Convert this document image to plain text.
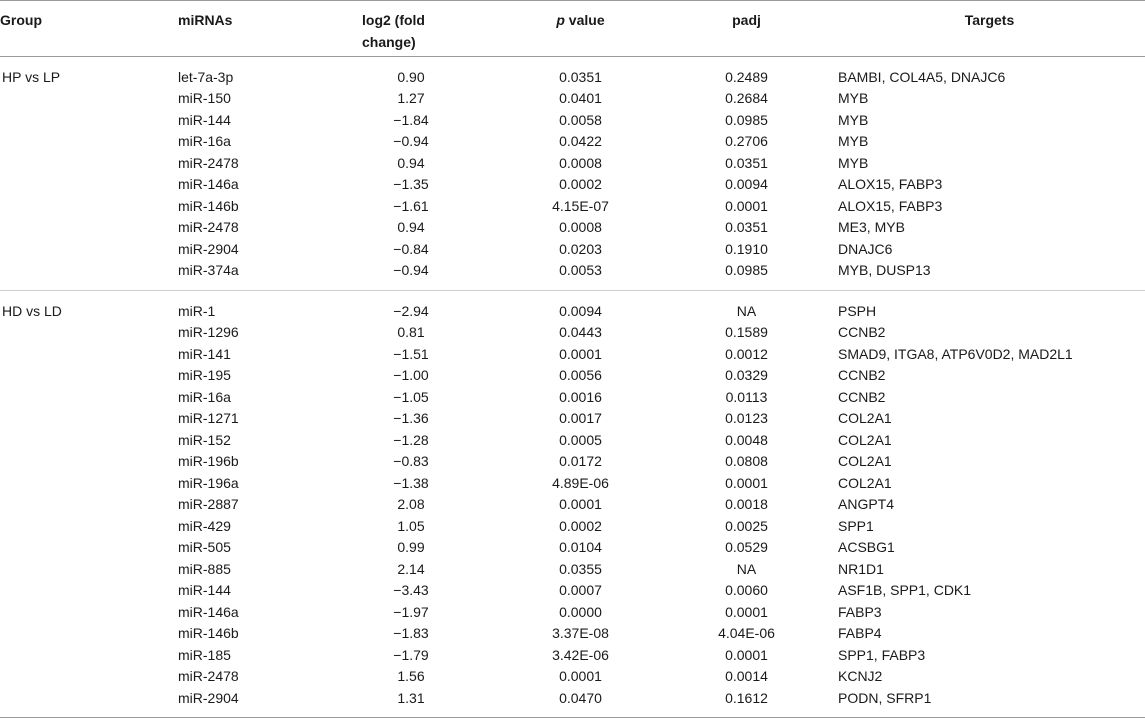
Group	miRNAs	log2 (fold change)	p value	padj	Targets
HP vs LP	let-7a-3p	0.90	0.0351	0.2489	BAMBI, COL4A5, DNAJC6
	miR-150	1.27	0.0401	0.2684	MYB
	miR-144	−1.84	0.0058	0.0985	MYB
	miR-16a	−0.94	0.0422	0.2706	MYB
	miR-2478	0.94	0.0008	0.0351	MYB
	miR-146a	−1.35	0.0002	0.0094	ALOX15, FABP3
	miR-146b	−1.61	4.15E-07	0.0001	ALOX15, FABP3
	miR-2478	0.94	0.0008	0.0351	ME3, MYB
	miR-2904	−0.84	0.0203	0.1910	DNAJC6
	miR-374a	−0.94	0.0053	0.0985	MYB, DUSP13

HD vs LD	miR-1	−2.94	0.0094	NA	PSPH
	miR-1296	0.81	0.0443	0.1589	CCNB2
	miR-141	−1.51	0.0001	0.0012	SMAD9, ITGA8, ATP6V0D2, MAD2L1
	miR-195	−1.00	0.0056	0.0329	CCNB2
	miR-16a	−1.05	0.0016	0.0113	CCNB2
	miR-1271	−1.36	0.0017	0.0123	COL2A1
	miR-152	−1.28	0.0005	0.0048	COL2A1
	miR-196b	−0.83	0.0172	0.0808	COL2A1
	miR-196a	−1.38	4.89E-06	0.0001	COL2A1
	miR-2887	2.08	0.0001	0.0018	ANGPT4
	miR-429	1.05	0.0002	0.0025	SPP1
	miR-505	0.99	0.0104	0.0529	ACSBG1
	miR-885	2.14	0.0355	NA	NR1D1
	miR-144	−3.43	0.0007	0.0060	ASF1B, SPP1, CDK1
	miR-146a	−1.97	0.0000	0.0001	FABP3
	miR-146b	−1.83	3.37E-08	4.04E-06	FABP4
	miR-185	−1.79	3.42E-06	0.0001	SPP1, FABP3
	miR-2478	1.56	0.0001	0.0014	KCNJ2
	miR-2904	1.31	0.0470	0.1612	PODN, SFRP1
